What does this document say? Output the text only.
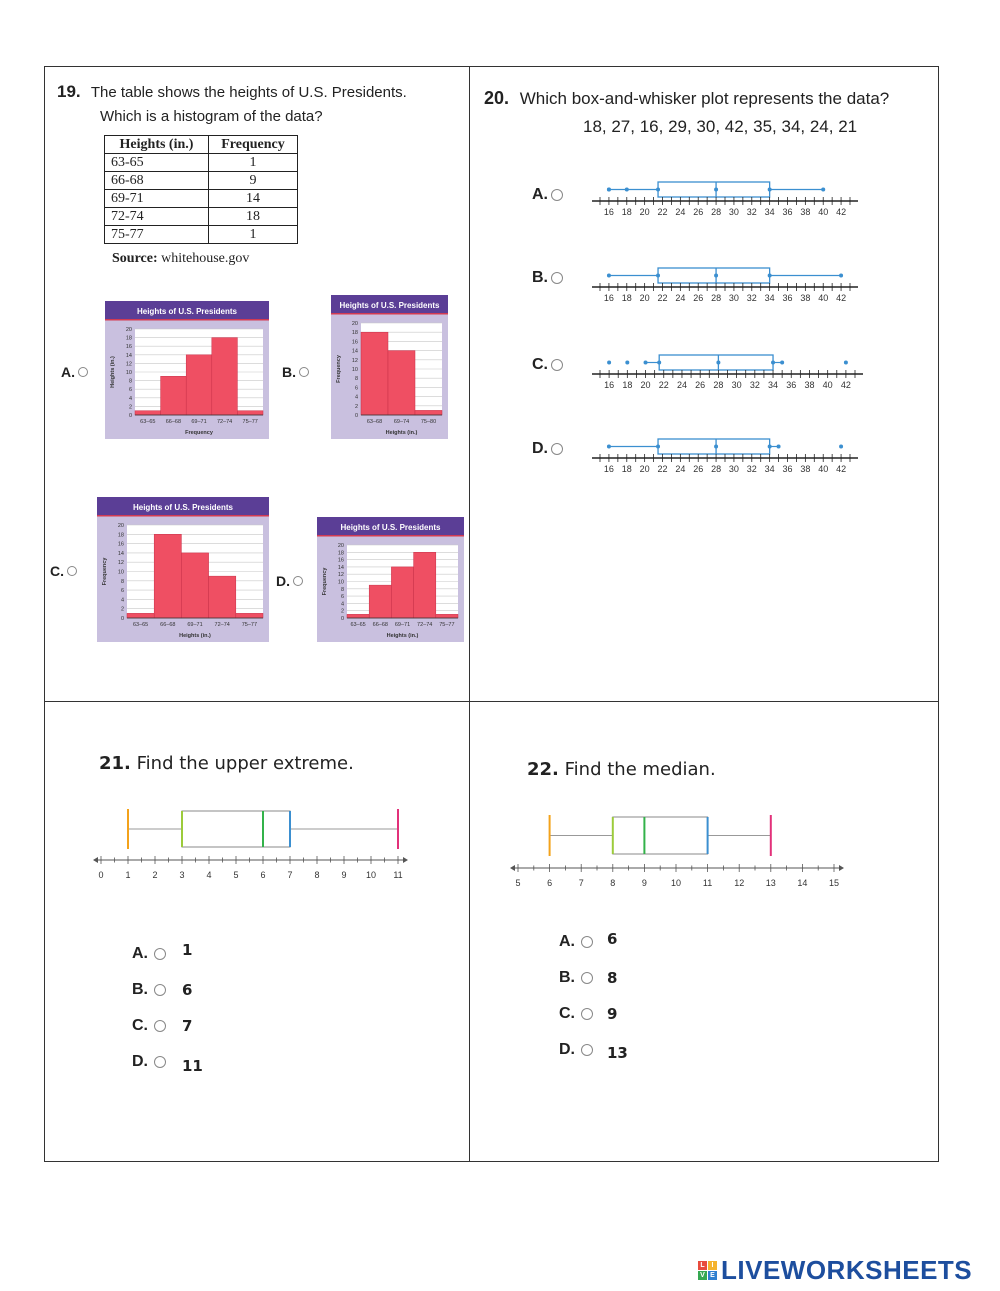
19. The table shows the heights of U.S. Presidents.
Which is a histogram of the data?
Heights (in.)	Frequency
63-65	1
66-68	9
69-71	14
72-74	18
75-77	1
Source: whitehouse.gov
A.	B.
C.
D.
Heights of U.S. Presidents
0
2
4
6
8
10
12
14
16
18
20
63–65 66–68 69–71 72–74 75–77
Frequency
Heights (in.)
Heights of U.S. Presidents
0
2
4
6
8
10
12
14
16
18
20
63–68 69–74 75–80
Heights (in.)
Frequency
Heights of U.S. Presidents
0
2
4
6
8
10
12
14
16
18
20
63–65 66–68 69–71 72–74 75–77
Heights (in.)
Frequency
Heights of U.S. Presidents
0
2
4
6
8
10
12
14
16
18
20
63–65 66–68 69–71 72–74 75–77
Heights (in.)
Frequency
20. Which box-and-whisker plot represents the data?
18, 27, 16, 29, 30, 42, 35, 34, 24, 21
A.
B.
C.
D.
16 18 20 22 24 26 28 30 32 34 36 38 40 42
16 18 20 22 24 26 28 30 32 34 36 38 40 42
16 18 20 22 24 26 28 30 32 34 36 38 40 42
16 18 20 22 24 26 28 30 32 34 36 38 40 42
21. Find the upper extreme.
0 1 2 3 4 5 6 7 8 9 10 11
A. 1
B. 6
C. 7
D. 11
22. Find the median.
5	6	7	8	9	10 11 12 13 14 15
A. 6
B. 8
C. 9
D. 13
L I
V E LIVEWORKSHEETS
